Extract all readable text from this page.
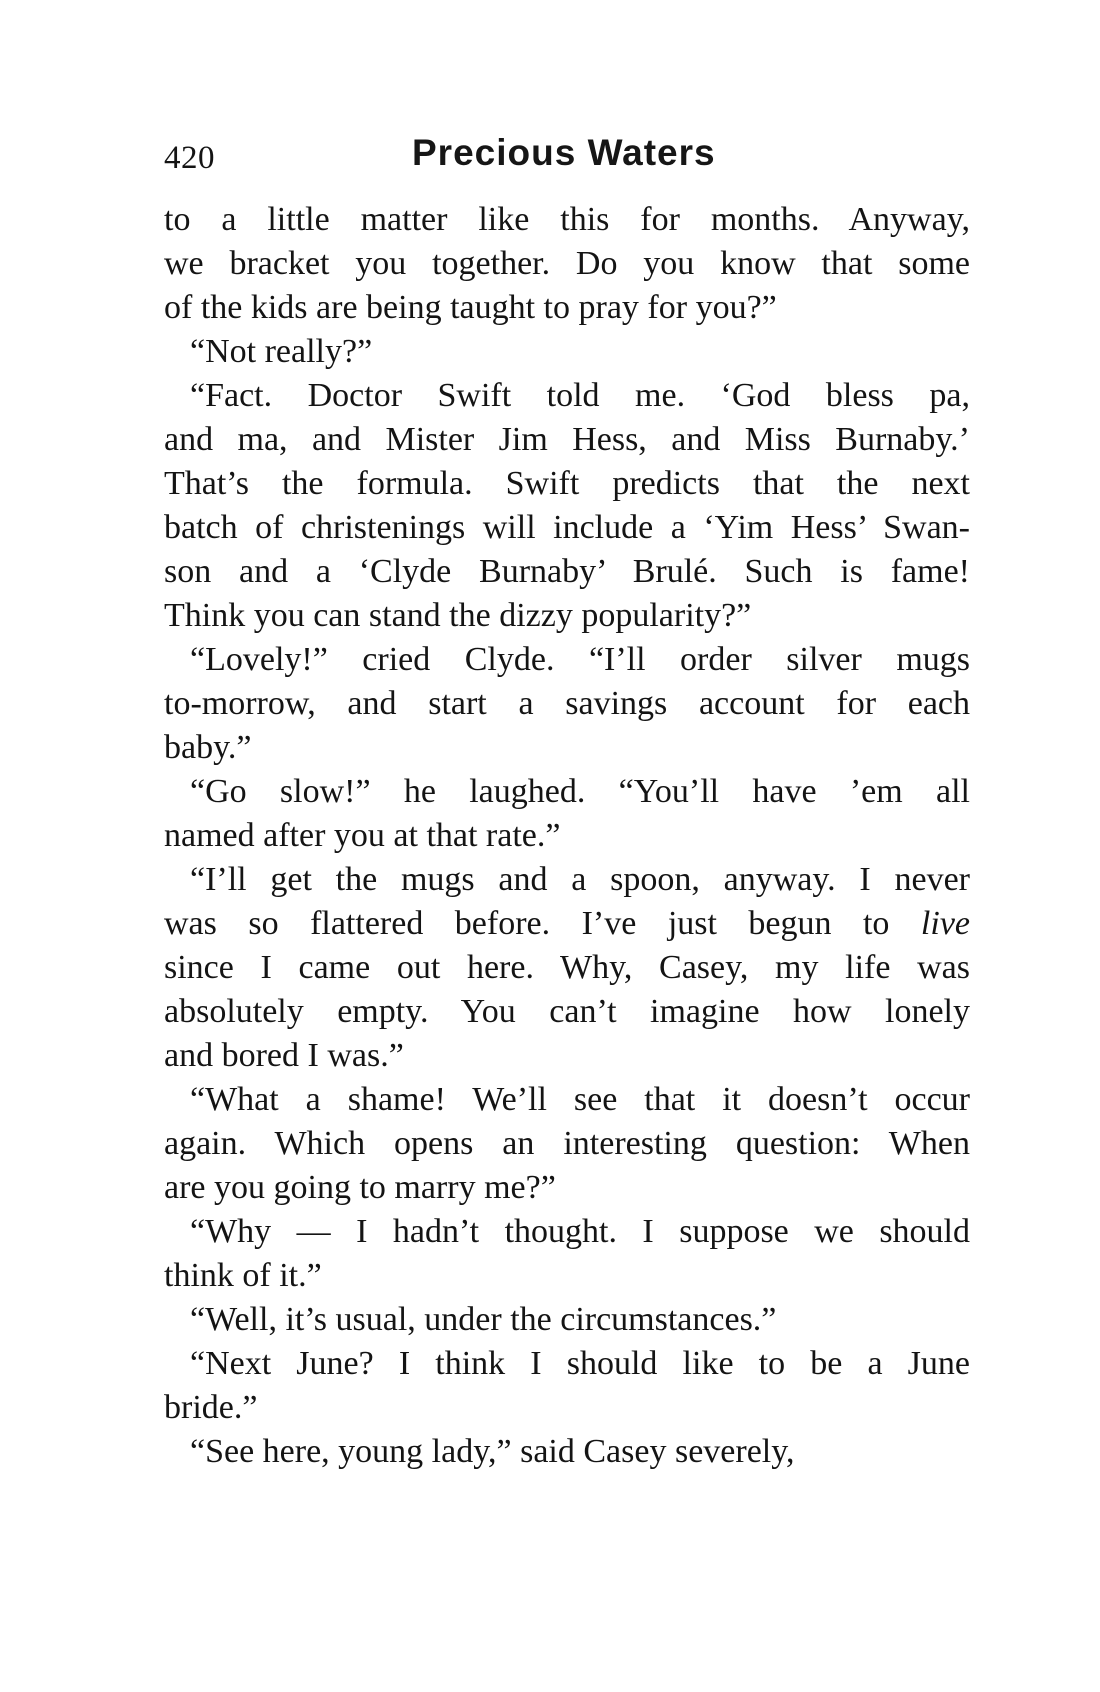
420	Precious Waters
to a little matter like this for months. Anyway,
we bracket you together. Do you know that some
of the kids are being taught to pray for you?”
“Not really?”
“Fact. Doctor Swift told me. ‘God bless pa,
and ma, and Mister Jim Hess, and Miss Burnaby.’
That’s the formula. Swift predicts that the next
batch of christenings will include a ‘Yim Hess’ Swan-
son and a ‘Clyde Burnaby’ Brulé. Such is fame!
Think you can stand the dizzy popularity?”
“Lovely!” cried Clyde. “I’ll order silver mugs
to-morrow, and start a savings account for each
baby.”
“Go slow!” he laughed. “You’ll have ’em all
named after you at that rate.”
“I’ll get the mugs and a spoon, anyway. I never
was so flattered before. I’ve just begun to live
since I came out here. Why, Casey, my life was
absolutely empty. You can’t imagine how lonely
and bored I was.”
“What a shame! We’ll see that it doesn’t occur
again. Which opens an interesting question: When
are you going to marry me?”
“Why — I hadn’t thought. I suppose we should
think of it.”
“Well, it’s usual, under the circumstances.”
“Next June? I think I should like to be a June
bride.”
“See here, young lady,” said Casey severely,
